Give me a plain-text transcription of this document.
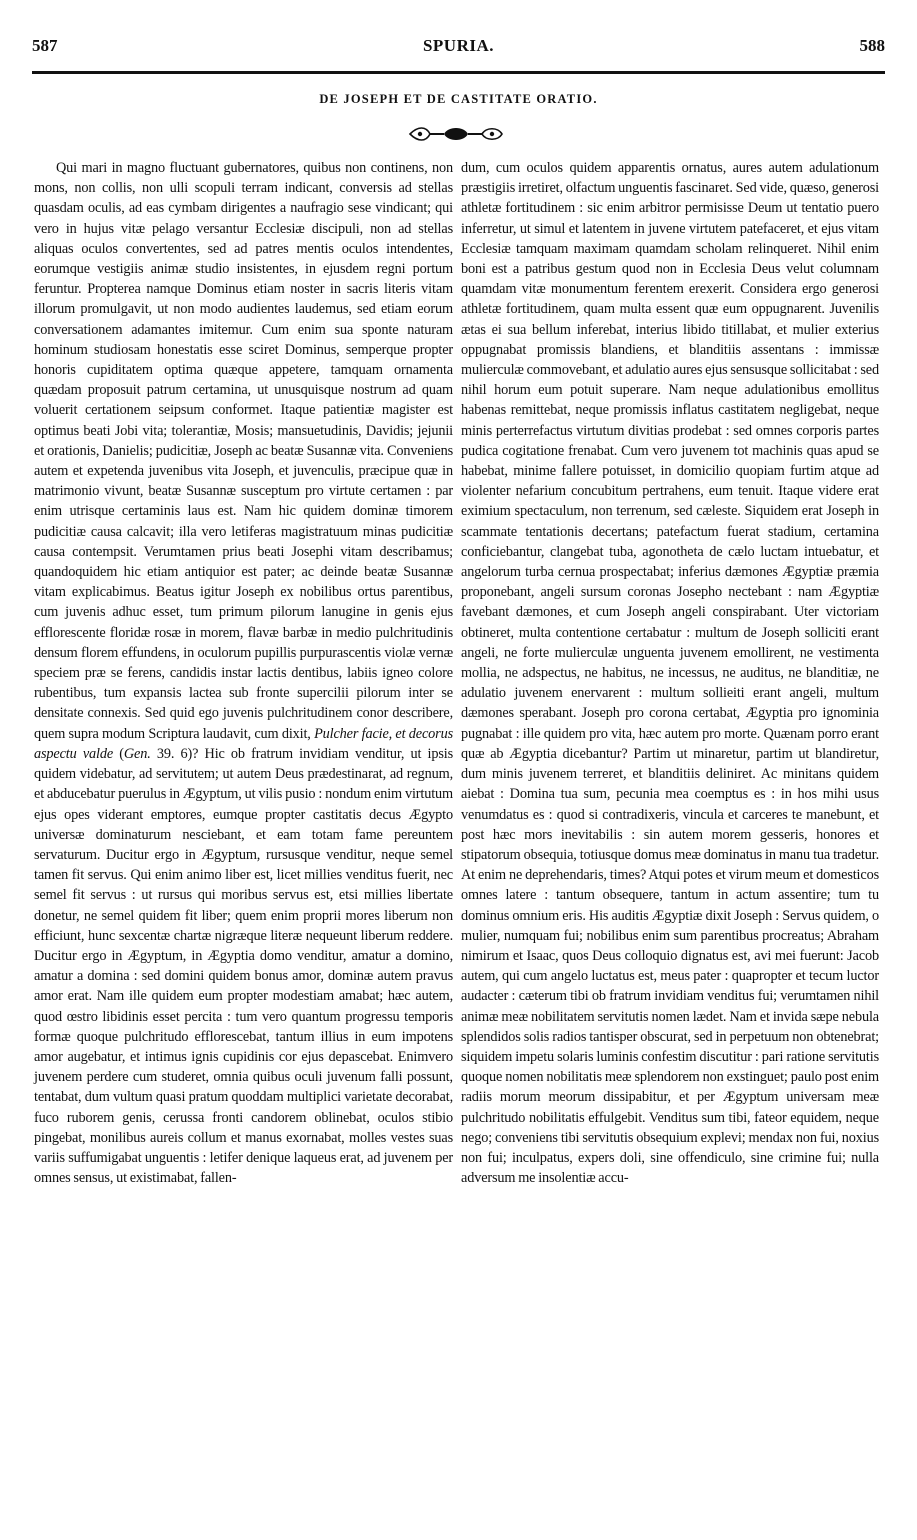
587	SPURIA.	588
DE JOSEPH ET DE CASTITATE ORATIO.

Qui mari in magno fluctuant gubernatores, quibus non continens, non mons, non collis, non ulli scopuli terram indicant, conversis ad stellas quasdam oculis, ad eas cymbam dirigentes a naufragio sese vindicant; qui vero in hujus vitæ pelago versantur Ecclesiæ discipuli, non ad stellas aliquas oculos convertentes, sed ad patres mentis oculos intendentes, eorumque vestigiis animæ studio insistentes, in ejusdem regni portum feruntur. Propterea namque Dominus etiam noster in sacris literis vitam illorum promulgavit, ut non modo audientes laudemus, sed etiam eorum conversationem adamantes imitemur. Cum enim sua sponte naturam hominum studiosam honestatis esse sciret Dominus, semperque propter honoris cupiditatem optima quæque appetere, tamquam ornamenta quædam proposuit patrum certamina, ut unusquisque nostrum ad quam voluerit certationem seipsum conformet. Itaque patientiæ magister est optimus beati Jobi vita; tolerantiæ, Mosis; mansuetudinis, Davidis; jejunii et orationis, Danielis; pudicitiæ, Joseph ac beatæ Susannæ vita. Conveniens autem et expetenda juvenibus vita Joseph, et juvenculis, præcipue quæ in matrimonio vivunt, beatæ Susannæ susceptum pro virtute certamen : par enim utrisque certaminis laus est. Nam hic quidem dominæ timorem pudicitiæ causa calcavit; illa vero letiferas magistratuum minas pudicitiæ causa contempsit. Verumtamen prius beati Josephi vitam describamus; quandoquidem hic etiam antiquior est pater; ac deinde beatæ Susannæ vitam explicabimus. Beatus igitur Joseph ex nobilibus ortus parentibus, cum juvenis adhuc esset, tum primum pilorum lanugine in genis ejus efflorescente floridæ rosæ in morem, flavæ barbæ in medio pulchritudinis densum florem effundens, in oculorum pupillis purpurascentis violæ vernæ speciem præ se ferens, candidis instar lactis dentibus, labiis igneo colore rubentibus, tum expansis lactea sub fronte supercilii pilorum inter se densitate connexis. Sed quid ego juvenis pulchritudinem conor describere, quem supra modum Scriptura laudavit, cum dixit, Pulcher facie, et decorus aspectu valde (Gen. 39. 6)? Hic ob fratrum invidiam venditur, ut ipsis quidem videbatur, ad servitutem; ut autem Deus prædestinarat, ad regnum, et abducebatur puerulus in Ægyptum, ut vilis pusio : nondum enim virtutum ejus opes viderant emptores, eumque propter castitatis decus Ægypto universæ dominaturum nesciebant, et eam totam fame pereuntem servaturum. Ducitur ergo in Ægyptum, rursusque venditur, neque semel tamen fit servus. Qui enim animo liber est, licet millies venditus fuerit, nec semel fit servus : ut rursus qui moribus servus est, etsi millies libertate donetur, ne semel quidem fit liber; quem enim proprii mores liberum non efficiunt, hunc sexcentæ chartæ nigræque literæ nequeunt liberum reddere. Ducitur ergo in Ægyptum, in Ægyptia domo venditur, amatur a domino, amatur a domina : sed domini quidem bonus amor, dominæ autem pravus amor erat. Nam ille quidem eum propter modestiam amabat; hæc autem, quod œstro libidinis esset percita : tum vero quantum progressu temporis formæ quoque pulchritudo efflorescebat, tantum illius in eum impotens amor augebatur, et intimus ignis cupidinis cor ejus depascebat. Enimvero juvenem perdere cum studeret, omnia quibus oculi juvenum falli possunt, tentabat, dum vultum quasi pratum quoddam multiplici varietate decorabat, fuco ruborem genis, cerussa fronti candorem oblinebat, oculos stibio pingebat, monilibus aureis collum et manus exornabat, molles vestes suas variis suffumigabat unguentis : letifer denique laqueus erat, ad juvenem per omnes sensus, ut existimabat, fallen-

dum, cum oculos quidem apparentis ornatus, aures autem adulationum præstigiis irretiret, olfactum unguentis fascinaret. Sed vide, quæso, generosi athletæ fortitudinem : sic enim arbitror permisisse Deum ut tentatio puero inferretur, ut simul et latentem in juvene virtutem patefaceret, et ejus vitam Ecclesiæ tamquam maximam quamdam scholam relinqueret. Nihil enim boni est a patribus gestum quod non in Ecclesia Deus velut columnam quamdam vitæ monumentum ferentem erexerit. Considera ergo generosi athletæ fortitudinem, quam multa essent quæ eum oppugnarent. Juvenilis ætas ei sua bellum inferebat, interius libido titillabat, et mulier exterius oppugnabat promissis blandiens, et blanditiis assentans : immissæ mulierculæ commovebant, et adulatio aures ejus sensusque sollicitabat : sed nihil horum eum potuit superare. Nam neque adulationibus emollitus habenas remittebat, neque promissis inflatus castitatem negligebat, neque minis perterrefactus virtutum divitias prodebat : sed omnes corporis partes pudica cogitatione frenabat. Cum vero juvenem tot machinis quas apud se habebat, minime fallere potuisset, in domicilio quopiam furtim atque ad violenter nefarium concubitum pertrahens, eum tenuit. Itaque videre erat eximium spectaculum, non terrenum, sed cæleste. Siquidem erat Joseph in scammate tentationis decertans; patefactum fuerat stadium, certamina conficiebantur, clangebat tuba, agonotheta de cælo luctam intuebatur, et angelorum turba cernua prospectabat; inferius dæmones Ægyptiæ præmia proponebant, angeli sursum coronas Josepho nectebant : nam Ægyptiæ favebant dæmones, et cum Joseph angeli conspirabant. Uter victoriam obtineret, multa contentione certabatur : multum de Joseph solliciti erant angeli, ne forte mulierculæ unguenta juvenem emollirent, ne vestimenta mollia, ne adspectus, ne habitus, ne incessus, ne auditus, ne blanditiæ, ne adulatio juvenem enervarent : multum sollieiti erant angeli, multum dæmones sperabant. Joseph pro corona certabat, Ægyptia pro ignominia pugnabat : ille quidem pro vita, hæc autem pro morte. Quænam porro erant quæ ab Ægyptia dicebantur? Partim ut minaretur, partim ut blandiretur, dum minis juvenem terreret, et blanditiis deliniret. Ac minitans quidem aiebat : Domina tua sum, pecunia mea coemptus es : in hos mihi usus venumdatus es : quod si contradixeris, vincula et carceres te manebunt, et post hæc mors inevitabilis : sin autem morem gesseris, honores et stipatorum obsequia, totiusque domus meæ dominatus in manu tua tradetur. At enim ne deprehendaris, times? Atqui potes et virum meum et domesticos omnes latere : tantum obsequere, tantum in actum assentire; tum tu dominus omnium eris. His auditis Ægyptiæ dixit Joseph : Servus quidem, o mulier, numquam fui; nobilibus enim sum parentibus procreatus; Abraham nimirum et Isaac, quos Deus colloquio dignatus est, avi mei fuerunt: Jacob autem, qui cum angelo luctatus est, meus pater : quapropter et tecum luctor audacter : cæterum tibi ob fratrum invidiam venditus fui; verumtamen nihil animæ meæ nobilitatem servitutis nomen lædet. Nam et invida sæpe nebula splendidos solis radios tantisper obscurat, sed in perpetuum non obtenebrat; siquidem impetu solaris luminis confestim discutitur : pari ratione servitutis quoque nomen nobilitatis meæ splendorem non exstinguet; paulo post enim radiis morum meorum dissipabitur, et per Ægyptum universam meæ pulchritudo nobilitatis effulgebit. Venditus sum tibi, fateor equidem, neque nego; conveniens tibi servitutis obsequium explevi; mendax non fui, noxius non fui; inculpatus, expers doli, sine offendiculo, sine crimine fui; nulla adversum me insolentiæ accu-
